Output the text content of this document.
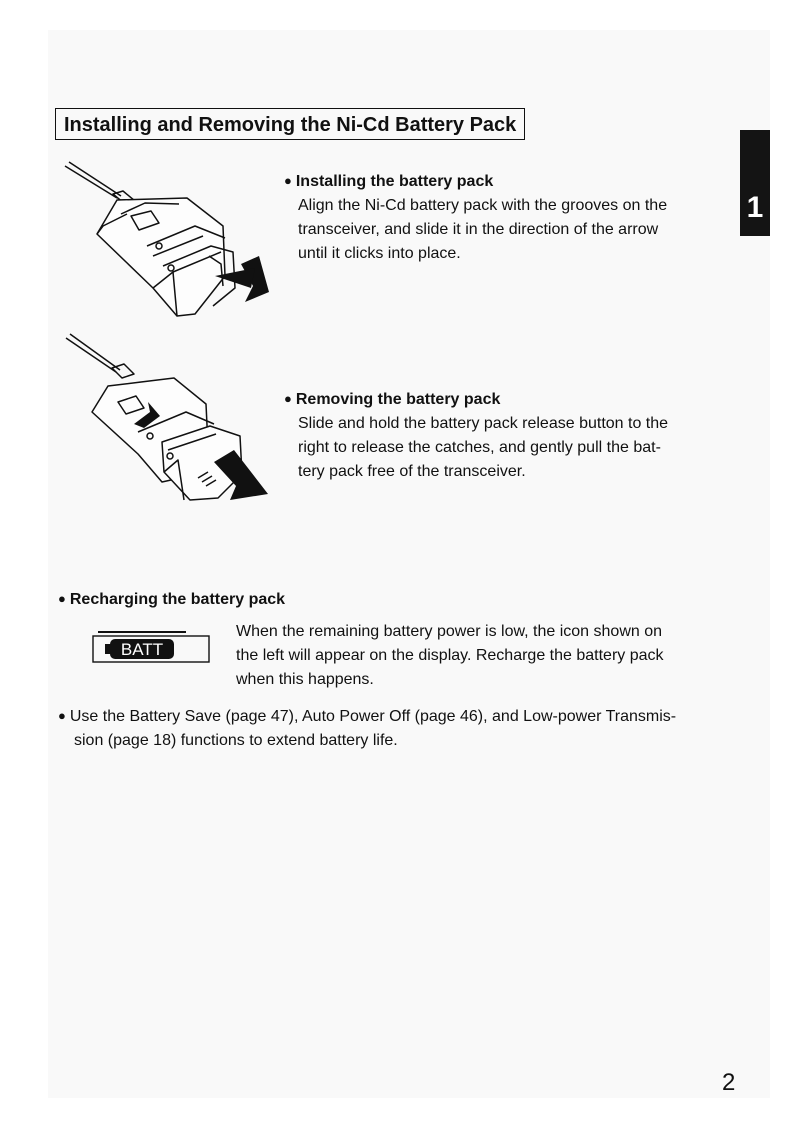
Installing and Removing the Ni-Cd Battery Pack
1
● Installing the battery pack
Align the Ni-Cd battery pack with the grooves on the
transceiver, and slide it in the direction of the arrow
until it clicks into place.
● Removing the battery pack
Slide and hold the battery pack release button to the
right to release the catches, and gently pull the bat-
tery pack free of the transceiver.
● Recharging the battery pack
BATT
When the remaining battery power is low, the icon shown on
the left will appear on the display. Recharge the battery pack
when this happens.
● Use the Battery Save (page 47), Auto Power Off (page 46), and Low-power Transmis-
sion (page 18) functions to extend battery life.
2
